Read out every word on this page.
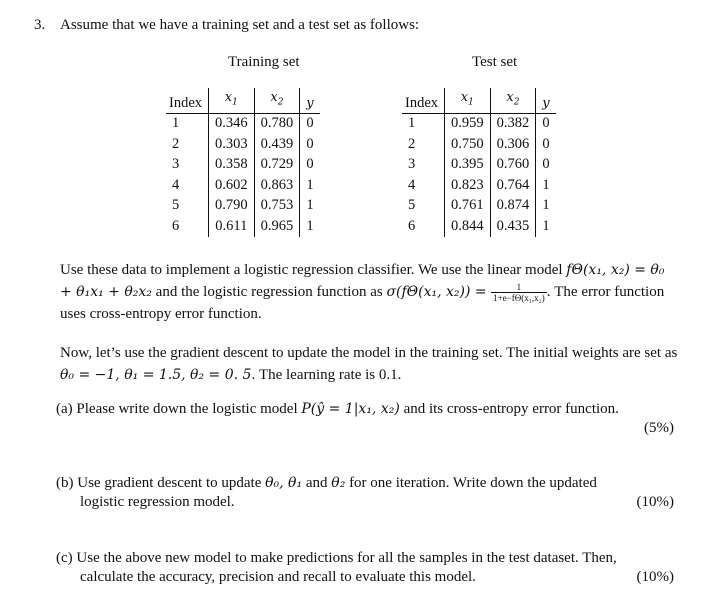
3. Assume that we have a training set and a test set as follows:
Training set	Test set
Index	$x_1$	$x_2$	y
1	0.346	0.780	0
2	0.303	0.439	0
3	0.358	0.729	0
4	0.602	0.863	1
5	0.790	0.753	1
6	0.611	0.965	1
Index	$x_1$	$x_2$	y
1	0.959	0.382	0
2	0.750	0.306	0
3	0.395	0.760	0
4	0.823	0.764	1
5	0.761	0.874	1
6	0.844	0.435	1
Use these data to implement a logistic regression classifier. We use the linear model fΘ(x₁, x₂) = θ₀ + θ₁x₁ + θ₂x₂ and the logistic regression function as σ(fΘ(x₁, $x_2)) = \frac{1}{\text{1+e−fΘ(x₁,x₂)}}$ . The error function uses cross-entropy error function.
Now, let’s use the gradient descent to update the model in the training set. The initial weights are set as θ₀ = −1, θ₁ = 1.5, θ₂ = 0. 5. The learning rate is 0.1.
(a) Please write down the logistic model P(ŷ = 1|x₁, x₂) and its cross-entropy error function.
(5%)
(b) Use gradient descent to update θ₀, θ₁ and θ₂ for one iteration. Write down the updated
logistic regression model.	(10%)
(c) Use the above new model to make predictions for all the samples in the test dataset. Then,
calculate the accuracy, precision and recall to evaluate this model.	(10%)
